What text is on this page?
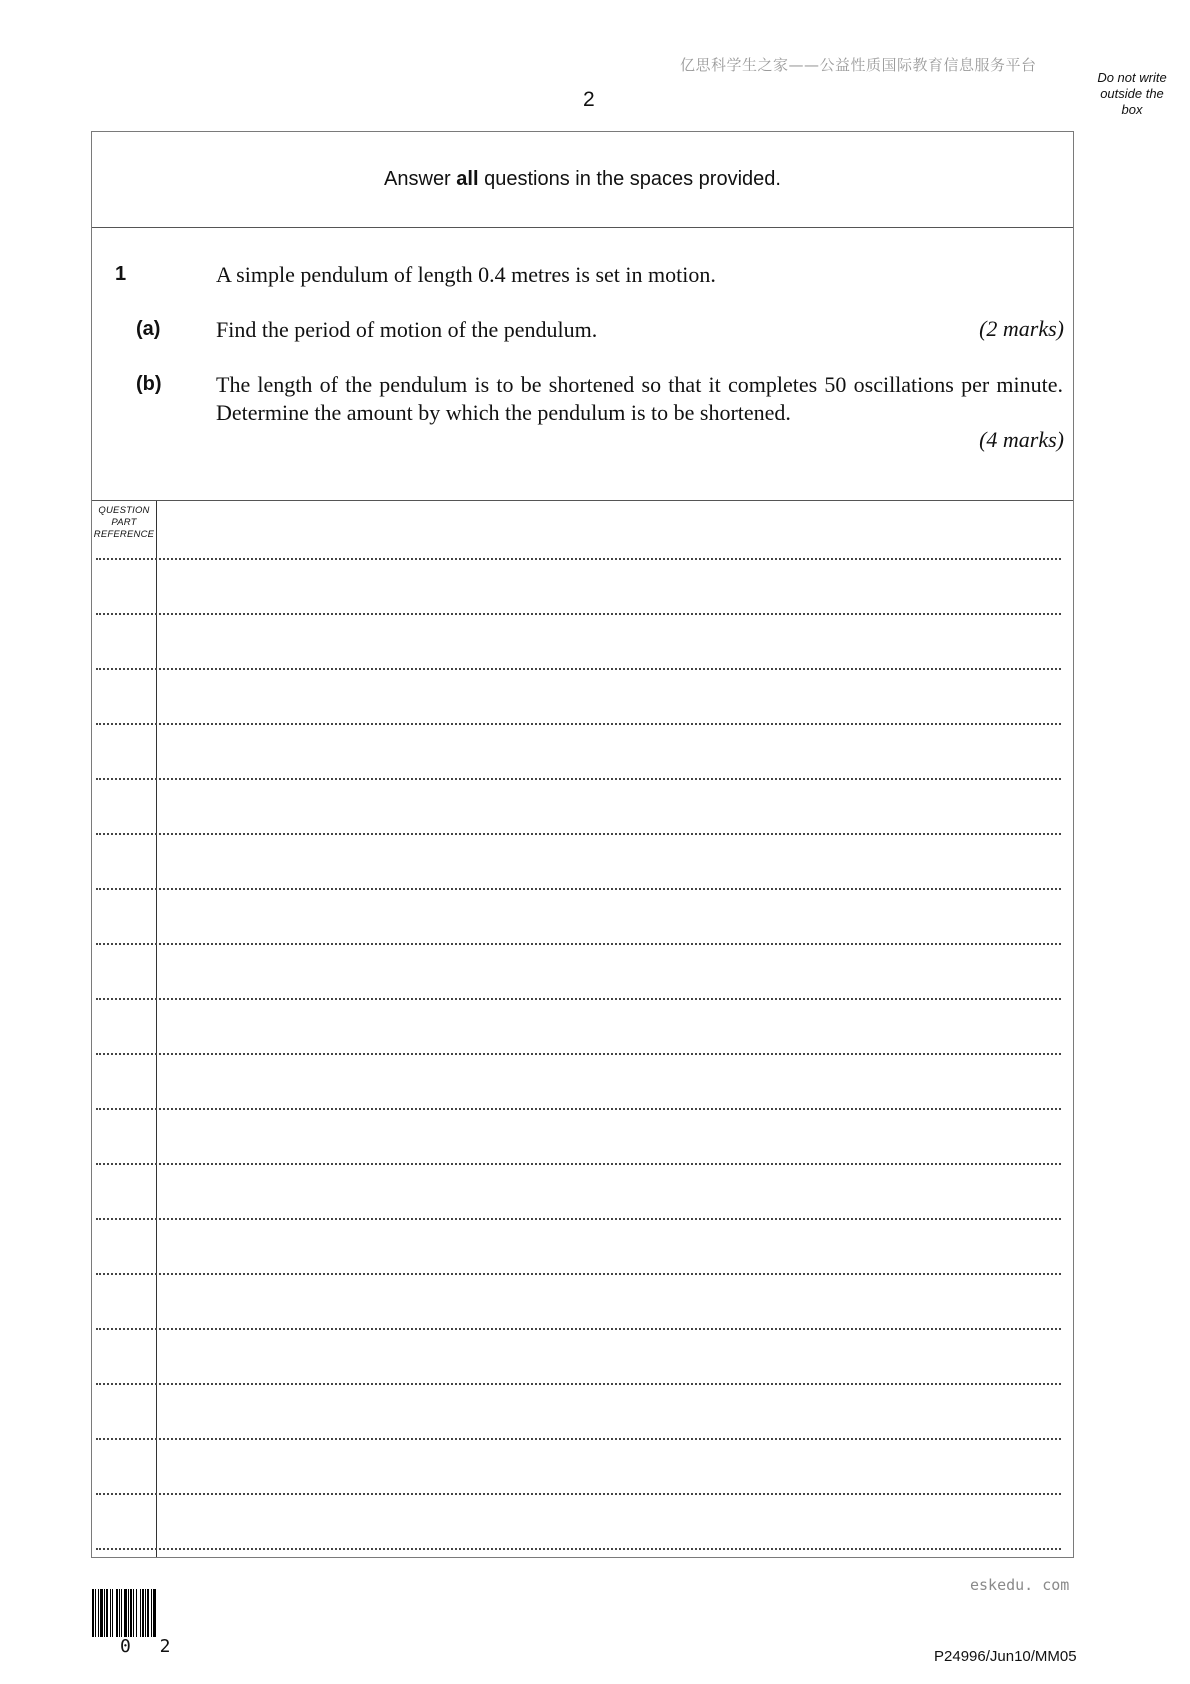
亿思科学生之家——公益性质国际教育信息服务平台
2
Do not write
outside the
box
Answer all questions in the spaces provided.
1	A simple pendulum of length 0.4 metres is set in motion.
(a)	Find the period of motion of the pendulum.	(2 marks)
(b) The length of the pendulum is to be shortened so that it completes 50 oscillations per minute. Determine the amount by which the pendulum is to be shortened.
(4 marks)
QUESTION
PART
REFERENCE
eskedu. com
0 2	P24996/Jun10/MM05
